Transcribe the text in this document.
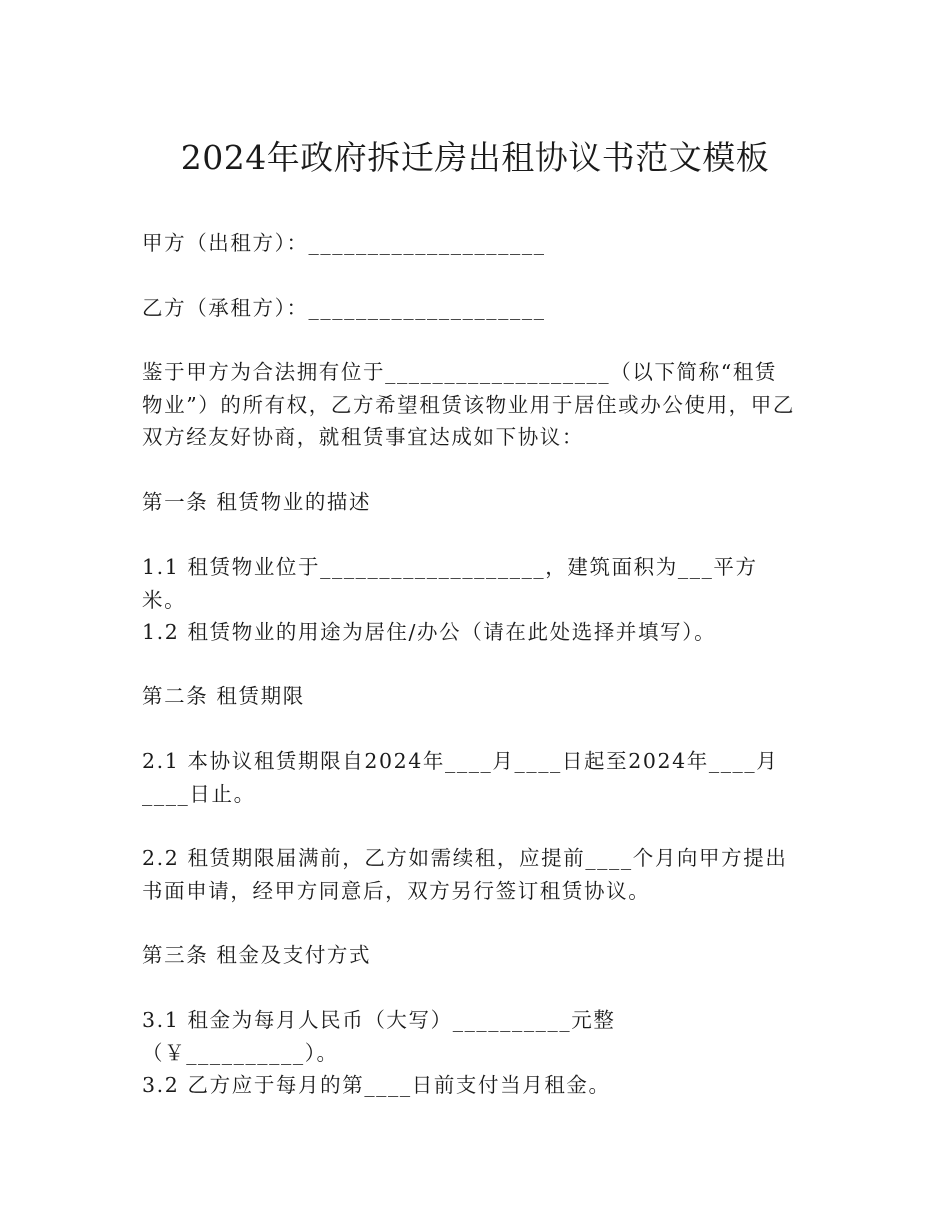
2024年政府拆迁房出租协议书范文模板

甲方（出租方）：____________________

乙方（承租方）：____________________

鉴于甲方为合法拥有位于___________________（以下简称“租赁物业”）的所有权，乙方希望租赁该物业用于居住或办公使用，甲乙双方经友好协商，就租赁事宜达成如下协议：

第一条 租赁物业的描述

1.1 租赁物业位于___________________，建筑面积为___平方米。

1.2 租赁物业的用途为居住/办公（请在此处选择并填写）。

第二条 租赁期限

2.1 本协议租赁期限自2024年____月____日起至2024年____月____日止。

2.2 租赁期限届满前，乙方如需续租，应提前____个月向甲方提出书面申请，经甲方同意后，双方另行签订租赁协议。

第三条 租金及支付方式

3.1 租金为每月人民币（大写）__________元整（￥__________）。

3.2 乙方应于每月的第____日前支付当月租金。
